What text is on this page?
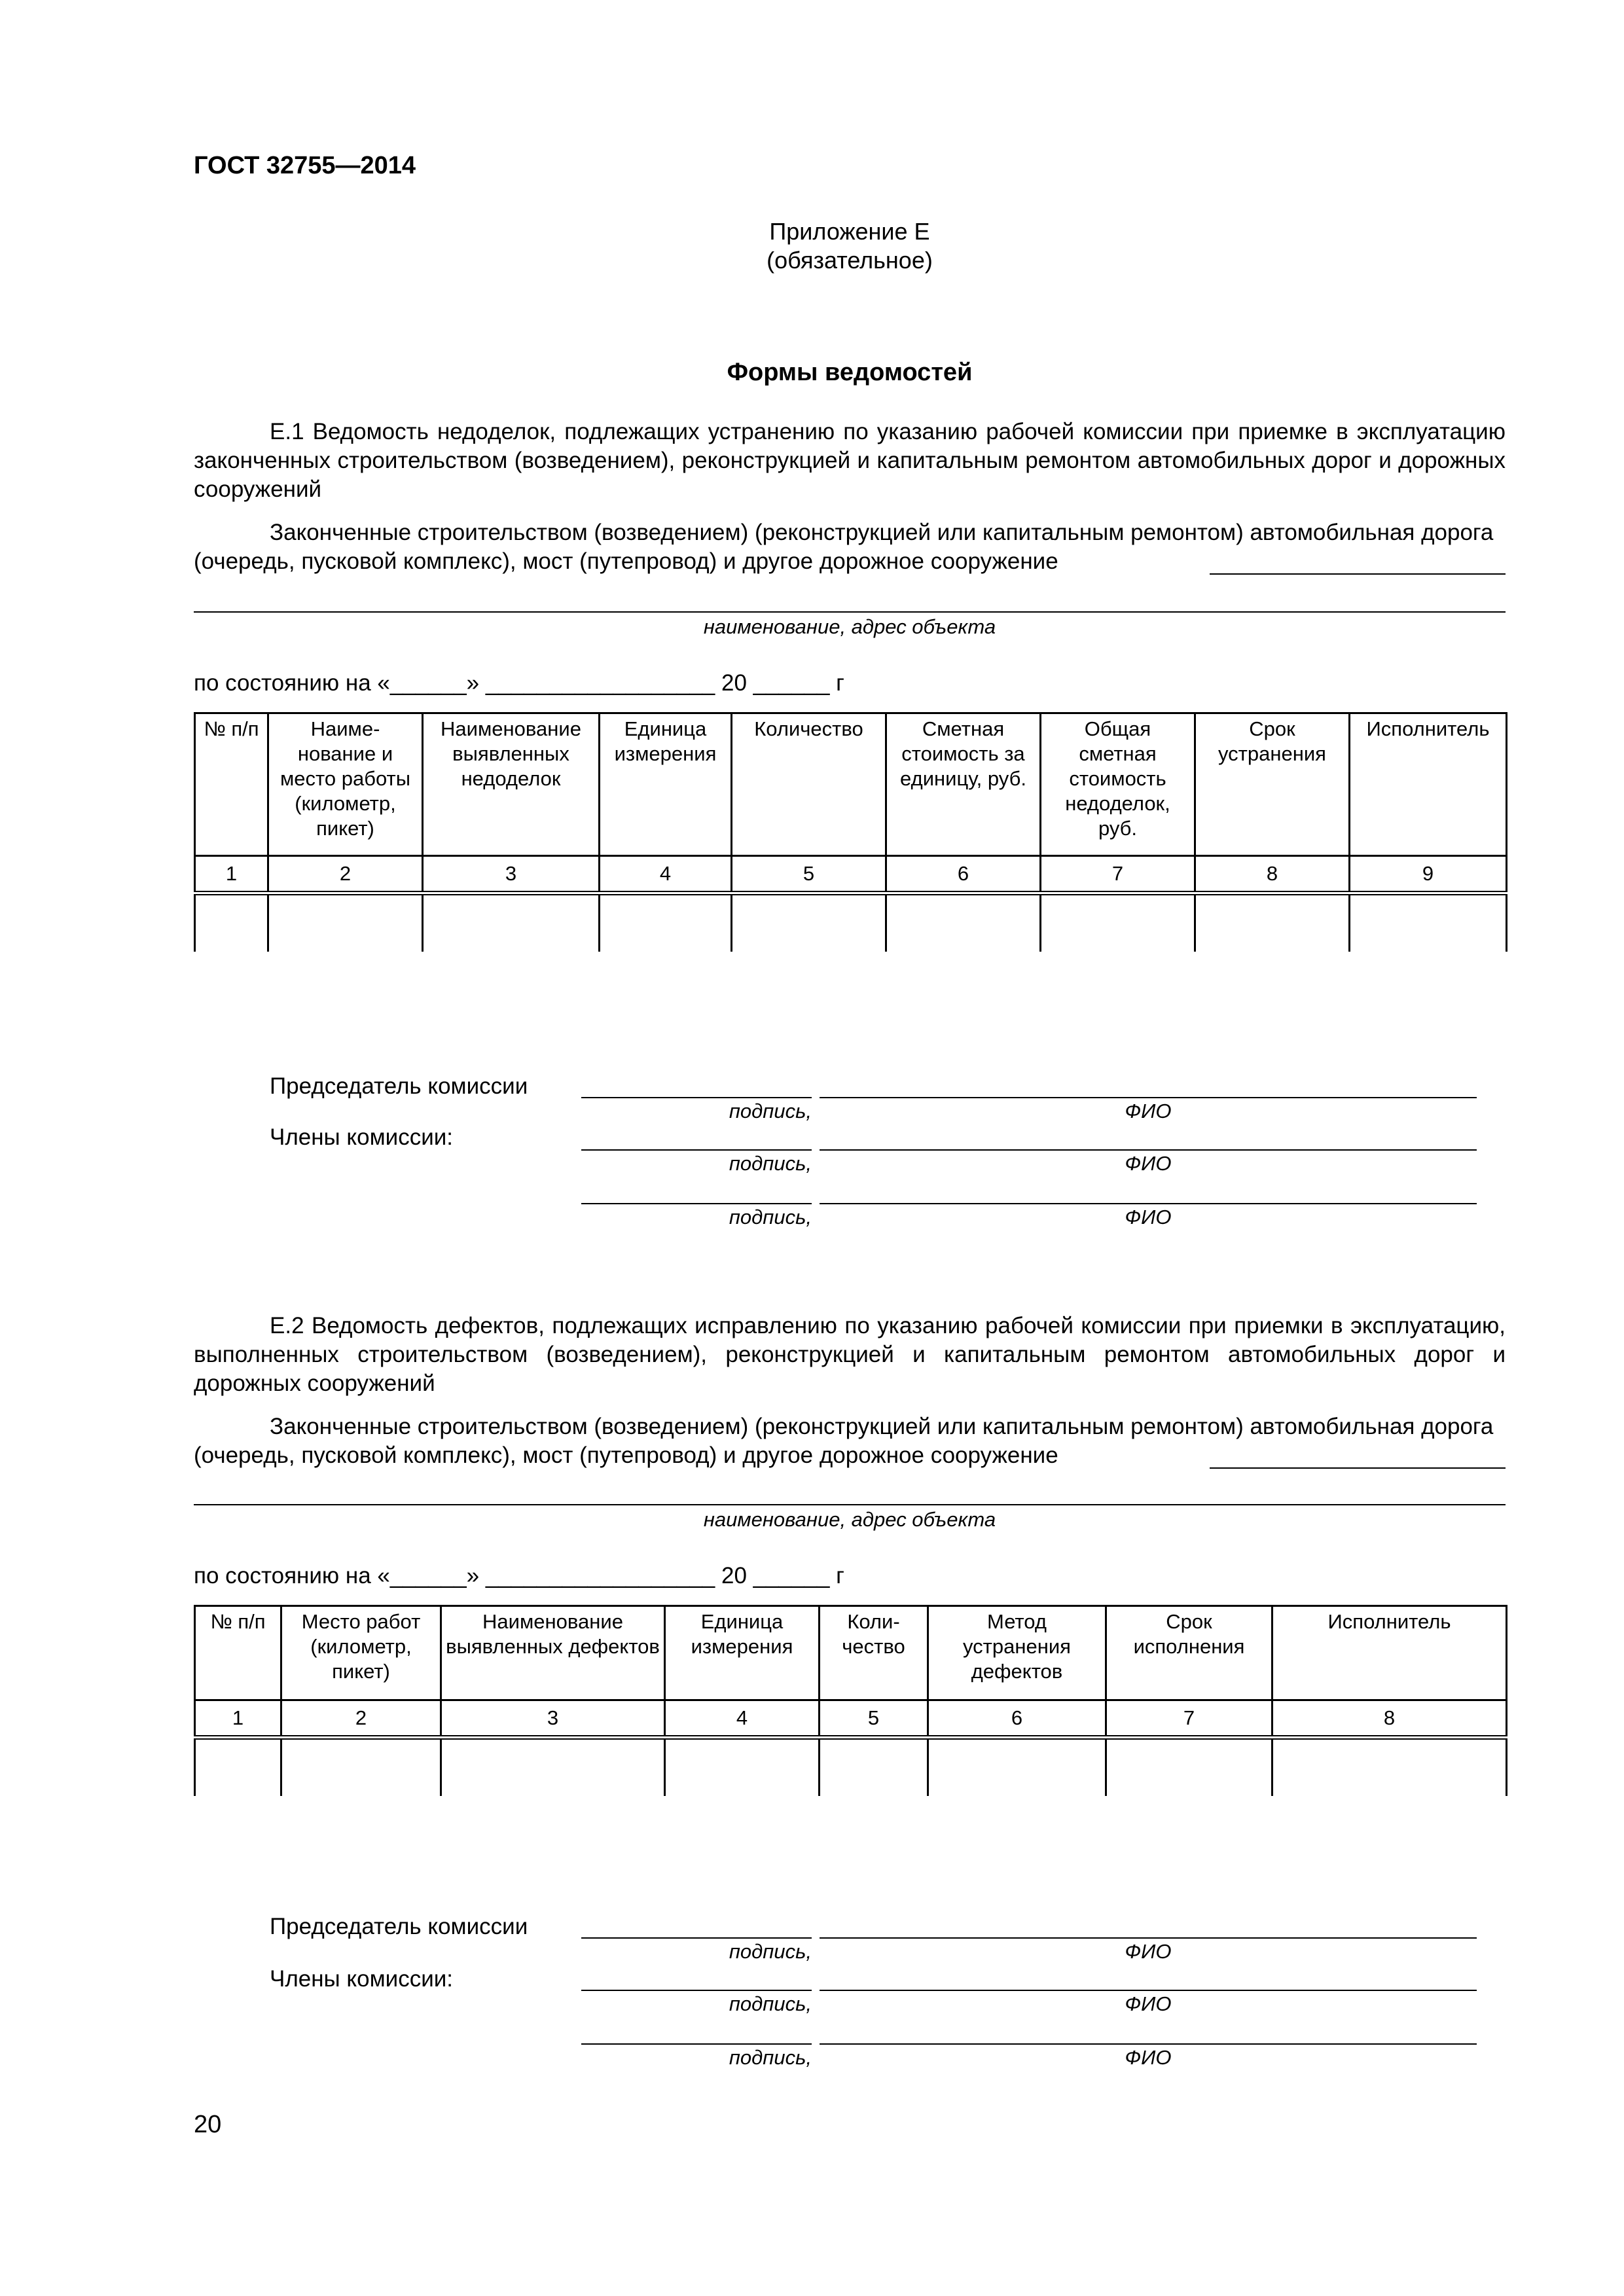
ГОСТ 32755—2014
Приложение Е
(обязательное)
Формы ведомостей
Е.1 Ведомость недоделок, подлежащих устранению по указанию рабочей комиссии при приемке в эксплуатацию законченных строительством (возведением), реконструкцией и капитальным ремонтом автомобильных дорог и дорожных сооружений
Законченные строительством (возведением) (реконструкцией или капитальным ремонтом) автомобильная дорога (очередь, пусковой комплекс), мост (путепровод) и другое дорожное сооружение
наименование, адрес объекта
по состоянию на «______» __________________ 20 ______ г
№ п/п	Наиме-нование и место работы (километр, пикет)	Наименование выявленных недоделок	Единица измерения	Количество	Сметная стоимость за единицу, руб.	Общая сметная стоимость недоделок, руб.	Срок устранения	Исполнитель
1	2	3	4	5	6	7	8	9

Председатель комиссии
подпись,	ФИО
Члены комиссии:
подпись,	ФИО
подпись,	ФИО
Е.2 Ведомость дефектов, подлежащих исправлению по указанию рабочей комиссии при приемки в эксплуатацию, выполненных строительством (возведением), реконструкцией и капитальным ремонтом автомобильных дорог и дорожных сооружений
Законченные строительством (возведением) (реконструкцией или капитальным ремонтом) автомобильная дорога (очередь, пусковой комплекс), мост (путепровод) и другое дорожное сооружение
наименование, адрес объекта
по состоянию на «______» __________________ 20 ______ г
№ п/п	Место работ (километр, пикет)	Наименование выявленных дефектов	Единица измерения	Коли-чество	Метод устранения дефектов	Срок исполнения	Исполнитель
1	2	3	4	5	6	7	8

Председатель комиссии
подпись,	ФИО
Члены комиссии:
подпись,	ФИО
подпись,	ФИО
20
